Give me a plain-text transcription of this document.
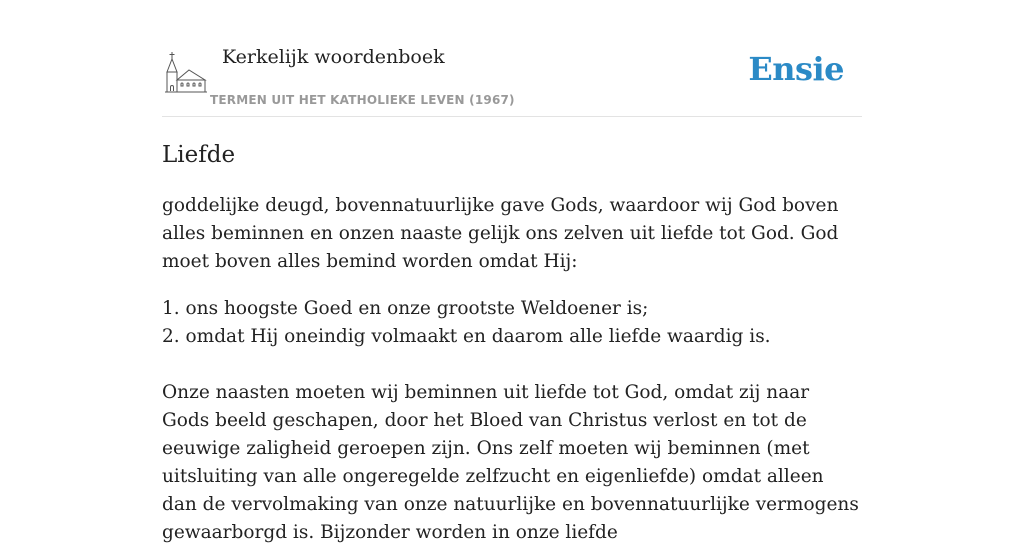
Kerkelijk woordenboek
TERMEN UIT HET KATHOLIEKE LEVEN (1967)
Ensie
Liefde

goddelijke deugd, bovennatuurlijke gave Gods, waardoor wij God boven alles beminnen en onzen naaste gelijk ons zelven uit liefde tot God. God moet boven alles bemind worden omdat Hij:

1. ons hoogste Goed en onze grootste Weldoener is;
2. omdat Hij oneindig volmaakt en daarom alle liefde waardig is.

Onze naasten moeten wij beminnen uit liefde tot God, omdat zij naar Gods beeld geschapen, door het Bloed van Christus verlost en tot de eeuwige zaligheid geroepen zijn. Ons zelf moeten wij beminnen (met uitsluiting van alle ongeregelde zelfzucht en eigenliefde) omdat alleen dan de vervolmaking van onze natuurlijke en bovennatuurlijke vermogens gewaarborgd is. Bijzonder worden in onze liefde
